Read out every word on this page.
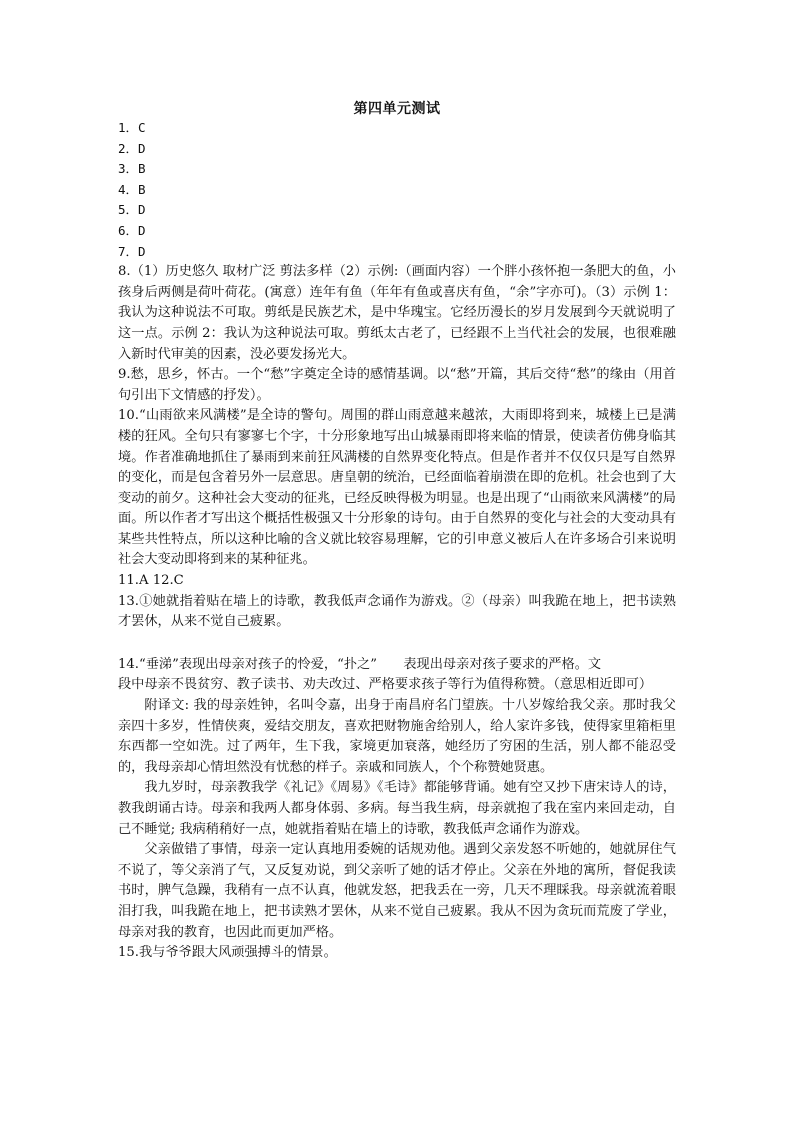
第四单元测试
1．C
2．D
3．B
4．B
5．D
6．D
7．D

8.（1）历史悠久 取材广泛 剪法多样（2）示例:（画面内容）一个胖小孩怀抱一条肥大的鱼，小孩身后两侧是荷叶荷花。(寓意）连年有鱼（年年有鱼或喜庆有鱼，“余”字亦可)。（3）示例 1：我认为这种说法不可取。剪纸是民族艺术，是中华瑰宝。它经历漫长的岁月发展到今天就说明了这一点。示例 2：我认为这种说法可取。剪纸太古老了，已经跟不上当代社会的发展，也很难融入新时代审美的因素，没必要发扬光大。

9.愁，思乡，怀古。一个“愁”字奠定全诗的感情基调。以“愁”开篇，其后交待“愁”的缘由（用首句引出下文情感的抒发）。

10.“山雨欲来风满楼”是全诗的警句。周围的群山雨意越来越浓，大雨即将到来，城楼上已是满楼的狂风。全句只有寥寥七个字，十分形象地写出山城暴雨即将来临的情景，使读者仿佛身临其境。作者准确地抓住了暴雨到来前狂风满楼的自然界变化特点。但是作者并不仅仅只是写自然界的变化，而是包含着另外一层意思。唐皇朝的统治，已经面临着崩溃在即的危机。社会也到了大变动的前夕。这种社会大变动的征兆，已经反映得极为明显。也是出现了“山雨欲来风满楼”的局面。所以作者才写出这个概括性极强又十分形象的诗句。由于自然界的变化与社会的大变动具有某些共性特点，所以这种比喻的含义就比较容易理解，它的引申意义被后人在许多场合引来说明社会大变动即将到来的某种征兆。

11.A 12.C

13.①她就指着贴在墙上的诗歌，教我低声念诵作为游戏。②（母亲）叫我跪在地上，把书读熟才罢休，从来不觉自己疲累。

14.“垂涕”表现出母亲对孩子的怜爱，“扑之”　　表现出母亲对孩子要求的严格。文

段中母亲不畏贫穷、教子读书、劝夫改过、严格要求孩子等行为值得称赞。（意思相近即可）

附译文: 我的母亲姓钟，名叫令嘉，出身于南昌府名门望族。十八岁嫁给我父亲。那时我父亲四十多岁，性情侠爽，爱结交朋友，喜欢把财物施舍给别人，给人家许多钱，使得家里箱柜里东西都一空如洗。过了两年，生下我，家境更加衰落，她经历了穷困的生活，别人都不能忍受的，我母亲却心情坦然没有忧愁的样子。亲戚和同族人，个个称赞她贤惠。

我九岁时，母亲教我学《礼记》《周易》《毛诗》都能够背诵。她有空又抄下唐宋诗人的诗，教我朗诵古诗。母亲和我两人都身体弱、多病。每当我生病，母亲就抱了我在室内来回走动，自己不睡觉; 我病稍稍好一点，她就指着贴在墙上的诗歌，教我低声念诵作为游戏。

父亲做错了事情，母亲一定认真地用委婉的话规劝他。遇到父亲发怒不听她的，她就屏住气不说了，等父亲消了气，又反复劝说，到父亲听了她的话才停止。父亲在外地的寓所，督促我读书时，脾气急躁，我稍有一点不认真，他就发怒，把我丢在一旁，几天不理睬我。母亲就流着眼泪打我，叫我跪在地上，把书读熟才罢休，从来不觉自己疲累。我从不因为贪玩而荒废了学业，母亲对我的教育，也因此而更加严格。

15.我与爷爷跟大风顽强搏斗的情景。
